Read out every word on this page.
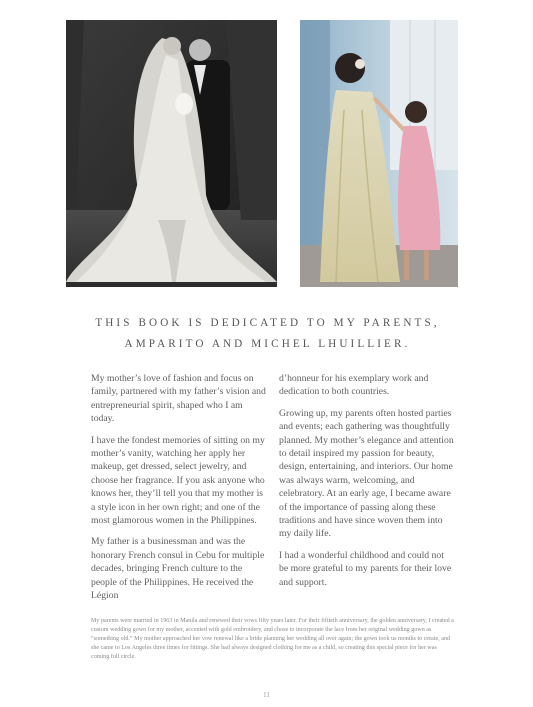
THIS BOOK IS DEDICATED TO MY PARENTS,
AMPARITO AND MICHEL LHUILLIER.

My mother’s love of fashion and focus on family, partnered with my father’s vision and entrepreneurial spirit, shaped who I am today.

I have the fondest memories of sitting on my mother’s vanity, watching her apply her makeup, get dressed, select jewelry, and choose her fragrance. If you ask anyone who knows her, they’ll tell you that my mother is a style icon in her own right; and one of the most glamorous women in the Philippines.

My father is a businessman and was the honorary French consul in Cebu for multiple decades, bringing French culture to the people of the Philippines. He received the Légion

d’honneur for his exemplary work and dedication to both countries.

Growing up, my parents often hosted parties and events; each gathering was thoughtfully planned. My mother’s elegance and attention to detail inspired my passion for beauty, design, entertaining, and interiors. Our home was always warm, welcoming, and celebratory. At an early age, I became aware of the importance of passing along these traditions and have since woven them into my daily life.

I had a wonderful childhood and could not be more grateful to my parents for their love and support.

My parents were married in 1963 in Manila and renewed their vows fifty years later. For their fiftieth anniversary, the golden anniversary, I created a custom wedding gown for my mother, accented with gold embroidery, and chose to incorporate the lace from her original wedding gown as “something old.” My mother approached her vow renewal like a bride planning her wedding all over again; the gown took us months to create, and she came to Los Angeles three times for fittings. She had always designed clothing for me as a child, so creating this special piece for her was coming full circle.
11
